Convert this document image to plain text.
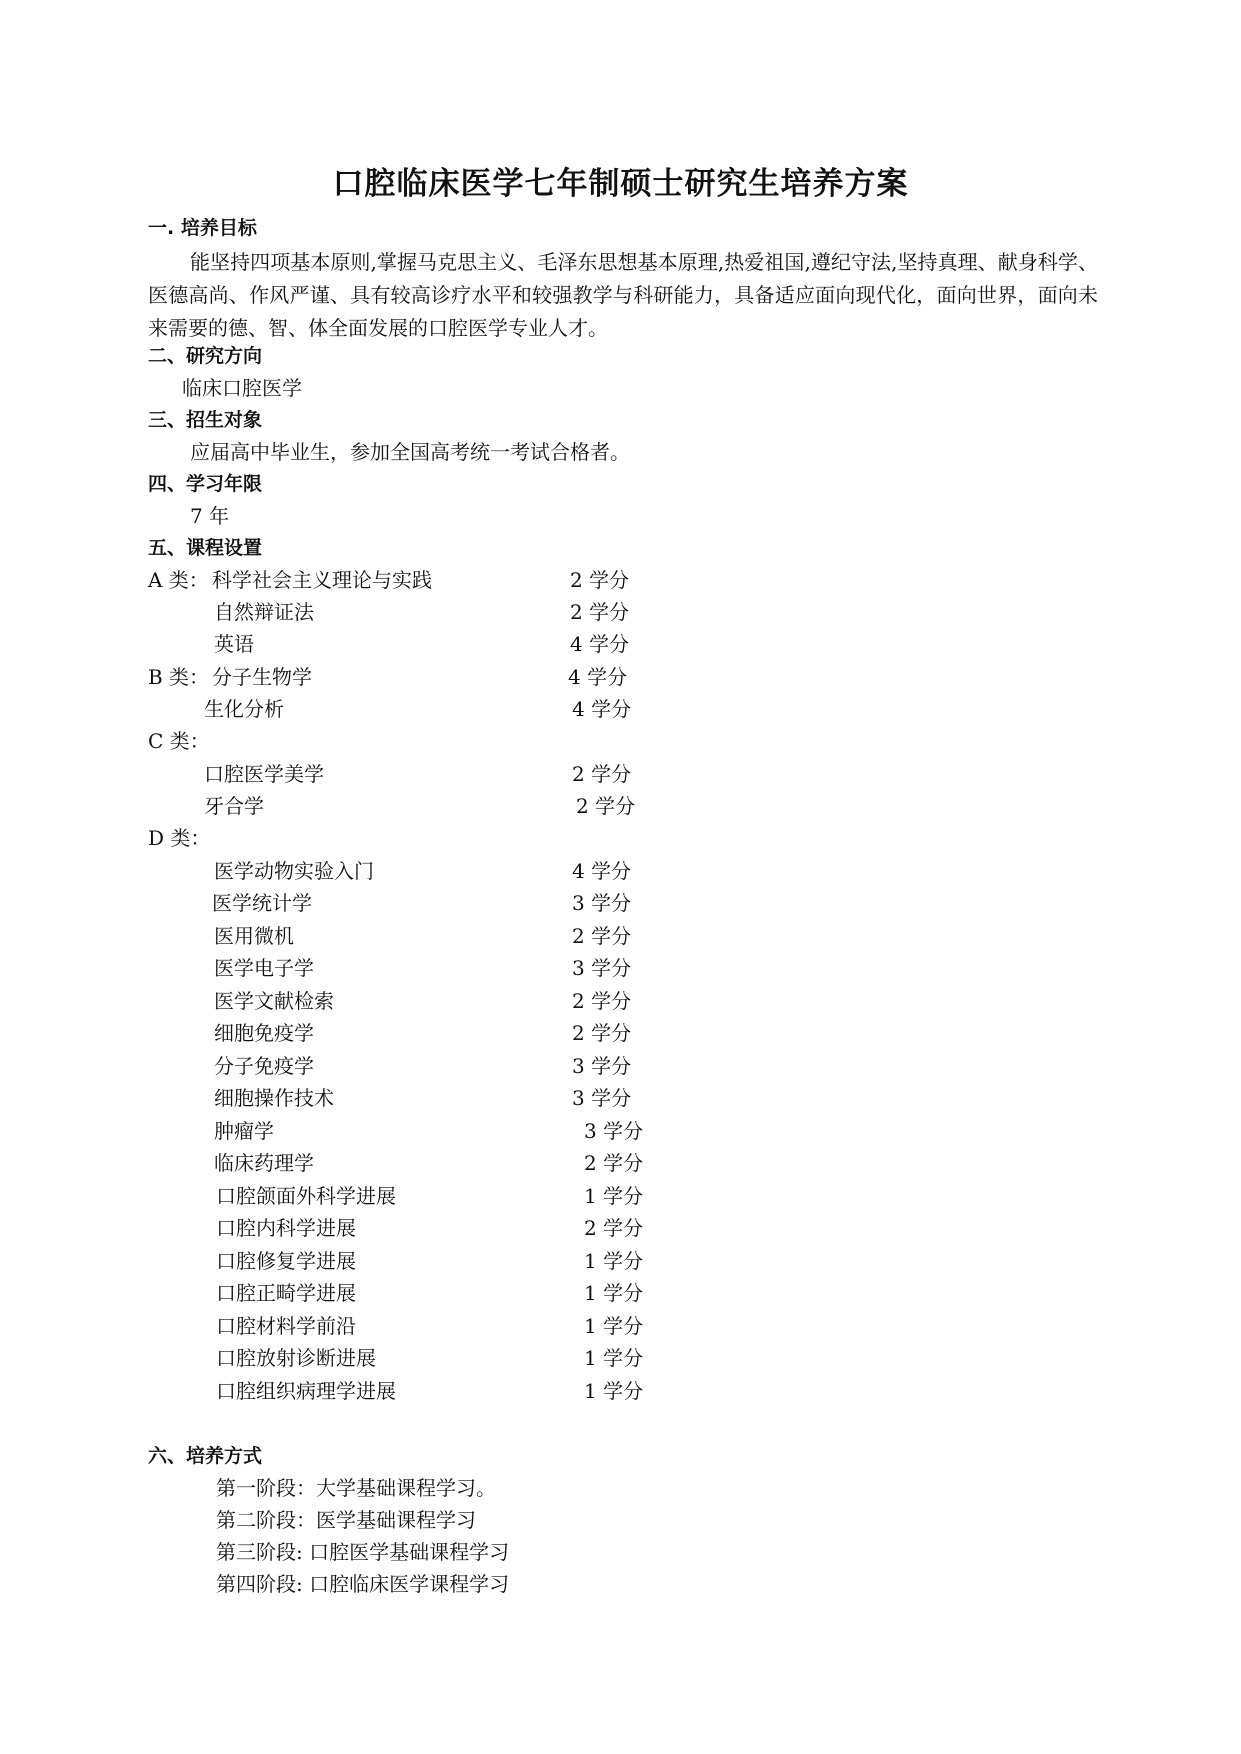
口腔临床医学七年制硕士研究生培养方案
一. 培养目标
能坚持四项基本原则,掌握马克思主义、毛泽东思想基本原理,热爱祖国,遵纪守法,坚持真理、献身科学、医德高尚、作风严谨、具有较高诊疗水平和较强教学与科研能力，具备适应面向现代化，面向世界，面向未来需要的德、智、体全面发展的口腔医学专业人才。
二、研究方向
临床口腔医学
三、招生对象
应届高中毕业生，参加全国高考统一考试合格者。
四、学习年限
7 年
五、课程设置
A 类： 科学社会主义理论与实践	2 学分
自然辩证法	2 学分
英语	4 学分
B 类： 分子生物学	4 学分
生化分析	4 学分
C 类：
口腔医学美学	2 学分
牙合学	2 学分
D 类：
医学动物实验入门	4 学分
医学统计学	3 学分
医用微机	2 学分
医学电子学	3 学分
医学文献检索	2 学分
细胞免疫学	2 学分
分子免疫学	3 学分
细胞操作技术	3 学分
肿瘤学	3 学分
临床药理学	2 学分
口腔颌面外科学进展	1 学分
口腔内科学进展	2 学分
口腔修复学进展	1 学分
口腔正畸学进展	1 学分
口腔材料学前沿	1 学分
口腔放射诊断进展	1 学分
口腔组织病理学进展	1 学分
六、培养方式
第一阶段：大学基础课程学习。
第二阶段：医学基础课程学习
第三阶段: 口腔医学基础课程学习
第四阶段: 口腔临床医学课程学习
